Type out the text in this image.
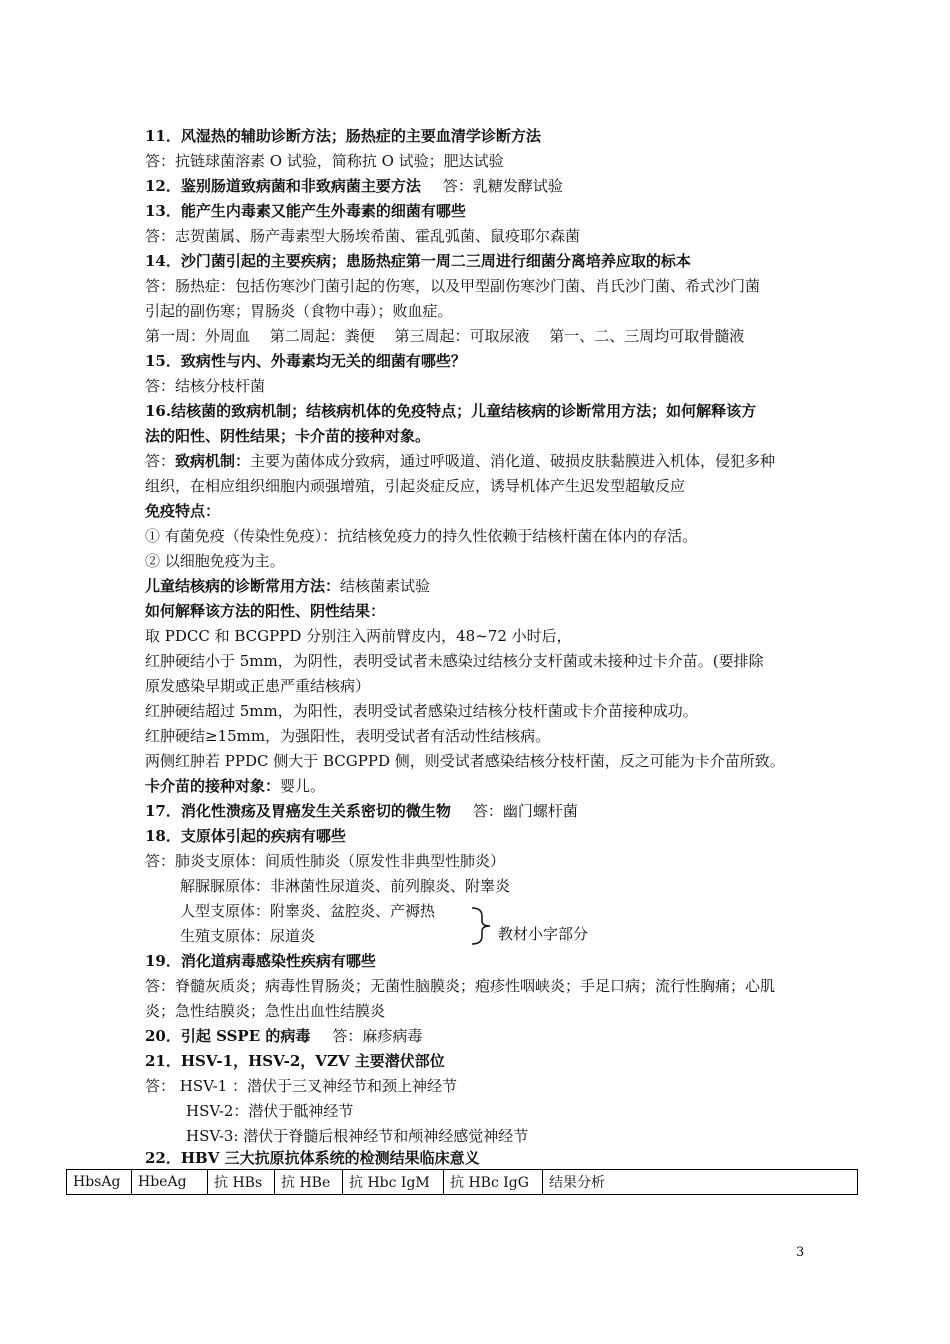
11．风湿热的辅助诊断方法；肠热症的主要血清学诊断方法
答：抗链球菌溶素 O 试验，简称抗 O 试验；肥达试验
12．鉴别肠道致病菌和非致病菌主要方法 答：乳糖发酵试验
13．能产生内毒素又能产生外毒素的细菌有哪些
答：志贺菌属、肠产毒素型大肠埃希菌、霍乱弧菌、鼠疫耶尔森菌
14．沙门菌引起的主要疾病；患肠热症第一周二三周进行细菌分离培养应取的标本
答：肠热症：包括伤寒沙门菌引起的伤寒，以及甲型副伤寒沙门菌、肖氏沙门菌、希式沙门菌
引起的副伤寒；胃肠炎（食物中毒）；败血症。
第一周：外周血　 第二周起：粪便　 第三周起：可取尿液　 第一、二、三周均可取骨髓液
15．致病性与内、外毒素均无关的细菌有哪些？
答：结核分枝杆菌
16.结核菌的致病机制；结核病机体的免疫特点；儿童结核病的诊断常用方法；如何解释该方
法的阳性、阴性结果；卡介苗的接种对象。
答：致病机制：主要为菌体成分致病，通过呼吸道、消化道、破损皮肤黏膜进入机体，侵犯多种
组织，在相应组织细胞内顽强增殖，引起炎症反应，诱导机体产生迟发型超敏反应
免疫特点：
① 有菌免疫（传染性免疫）：抗结核免疫力的持久性依赖于结核杆菌在体内的存活。
② 以细胞免疫为主。
儿童结核病的诊断常用方法：结核菌素试验
如何解释该方法的阳性、阴性结果：
取 PDCC 和 BCGPPD 分别注入两前臂皮内，48~72 小时后，
红肿硬结小于 5mm，为阴性，表明受试者未感染过结核分支杆菌或未接种过卡介苗。(要排除
原发感染早期或正患严重结核病）
红肿硬结超过 5mm，为阳性，表明受试者感染过结核分枝杆菌或卡介苗接种成功。
红肿硬结≥15mm，为强阳性，表明受试者有活动性结核病。
两侧红肿若 PPDC 侧大于 BCGPPD 侧，则受试者感染结核分枝杆菌，反之可能为卡介苗所致。
卡介苗的接种对象：婴儿。
17．消化性溃疡及胃癌发生关系密切的微生物 答：幽门螺杆菌
18．支原体引起的疾病有哪些
答：肺炎支原体：间质性肺炎（原发性非典型性肺炎）
解脲脲原体：非淋菌性尿道炎、前列腺炎、附睾炎
人型支原体：附睾炎、盆腔炎、产褥热
生殖支原体：尿道炎	教材小字部分
19．消化道病毒感染性疾病有哪些
答：脊髓灰质炎；病毒性胃肠炎；无菌性脑膜炎；疱疹性咽峡炎；手足口病；流行性胸痛；心肌
炎；急性结膜炎；急性出血性结膜炎
20．引起 SSPE 的病毒 答：麻疹病毒
21．HSV-1，HSV-2，VZV 主要潜伏部位
答： HSV-1 ：潜伏于三叉神经节和颈上神经节
HSV-2：潜伏于骶神经节
HSV-3: 潜伏于脊髓后根神经节和颅神经感觉神经节
22．HBV 三大抗原抗体系统的检测结果临床意义
HbsAg	HbeAg	抗 HBs	抗 HBe	抗 Hbc IgM	抗 HBc IgG	结果分析
3
